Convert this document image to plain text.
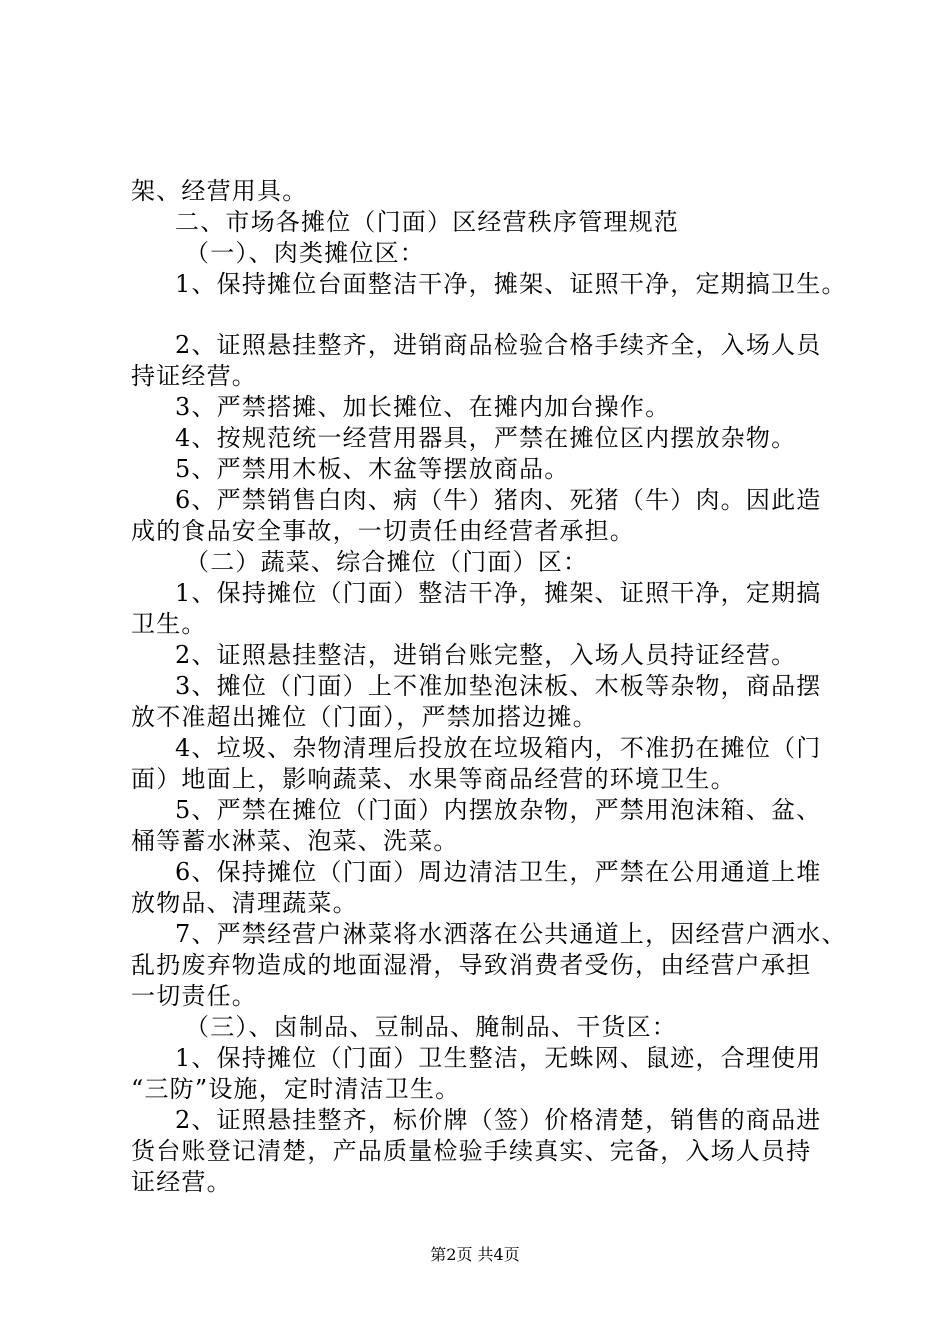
架、经营用具。
二、市场各摊位（门面）区经营秩序管理规范
（一）、肉类摊位区：
1、保持摊位台面整洁干净，摊架、证照干净，定期搞卫生。
2、证照悬挂整齐，进销商品检验合格手续齐全，入场人员
持证经营。
3、严禁搭摊、加长摊位、在摊内加台操作。
4、按规范统一经营用器具，严禁在摊位区内摆放杂物。
5、严禁用木板、木盆等摆放商品。
6、严禁销售白肉、病（牛）猪肉、死猪（牛）肉。因此造
成的食品安全事故，一切责任由经营者承担。
（二）蔬菜、综合摊位（门面）区：
1、保持摊位（门面）整洁干净，摊架、证照干净，定期搞
卫生。
2、证照悬挂整洁，进销台账完整，入场人员持证经营。
3、摊位（门面）上不准加垫泡沫板、木板等杂物，商品摆
放不准超出摊位（门面），严禁加搭边摊。
4、垃圾、杂物清理后投放在垃圾箱内，不准扔在摊位（门
面）地面上，影响蔬菜、水果等商品经营的环境卫生。
5、严禁在摊位（门面）内摆放杂物，严禁用泡沫箱、盆、
桶等蓄水淋菜、泡菜、洗菜。
6、保持摊位（门面）周边清洁卫生，严禁在公用通道上堆
放物品、清理蔬菜。
7、严禁经营户淋菜将水洒落在公共通道上，因经营户洒水、
乱扔废弃物造成的地面湿滑，导致消费者受伤，由经营户承担
一切责任。
（三）、卤制品、豆制品、腌制品、干货区：
1、保持摊位（门面）卫生整洁，无蛛网、鼠迹，合理使用
“三防”设施，定时清洁卫生。
2、证照悬挂整齐，标价牌（签）价格清楚，销售的商品进
货台账登记清楚，产品质量检验手续真实、完备，入场人员持
证经营。
第2页 共4页
